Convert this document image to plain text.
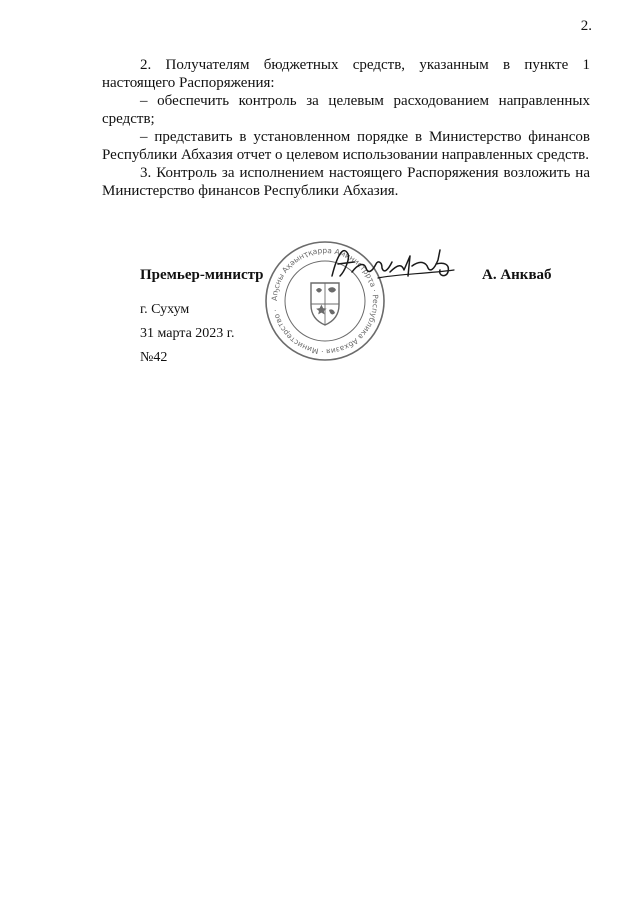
2.

2. Получателям бюджетных средств, указанным в пункте 1 настоящего Распоряжения:

– обеспечить контроль за целевым расходованием направленных средств;

– представить в установленном порядке в Министерство финансов Республики Абхазия отчет о целевом использовании направленных средств.

3. Контроль за исполнением настоящего Распоряжения возложить на Министерство финансов Республики Абхазия.

Аҧсны Аҳәынҭқарра Аминистррҭа · Республика Абхазия · Министерство ·
Премьер-министр	А. Анкваб
г. Сухум
31 марта 2023 г.
№42
